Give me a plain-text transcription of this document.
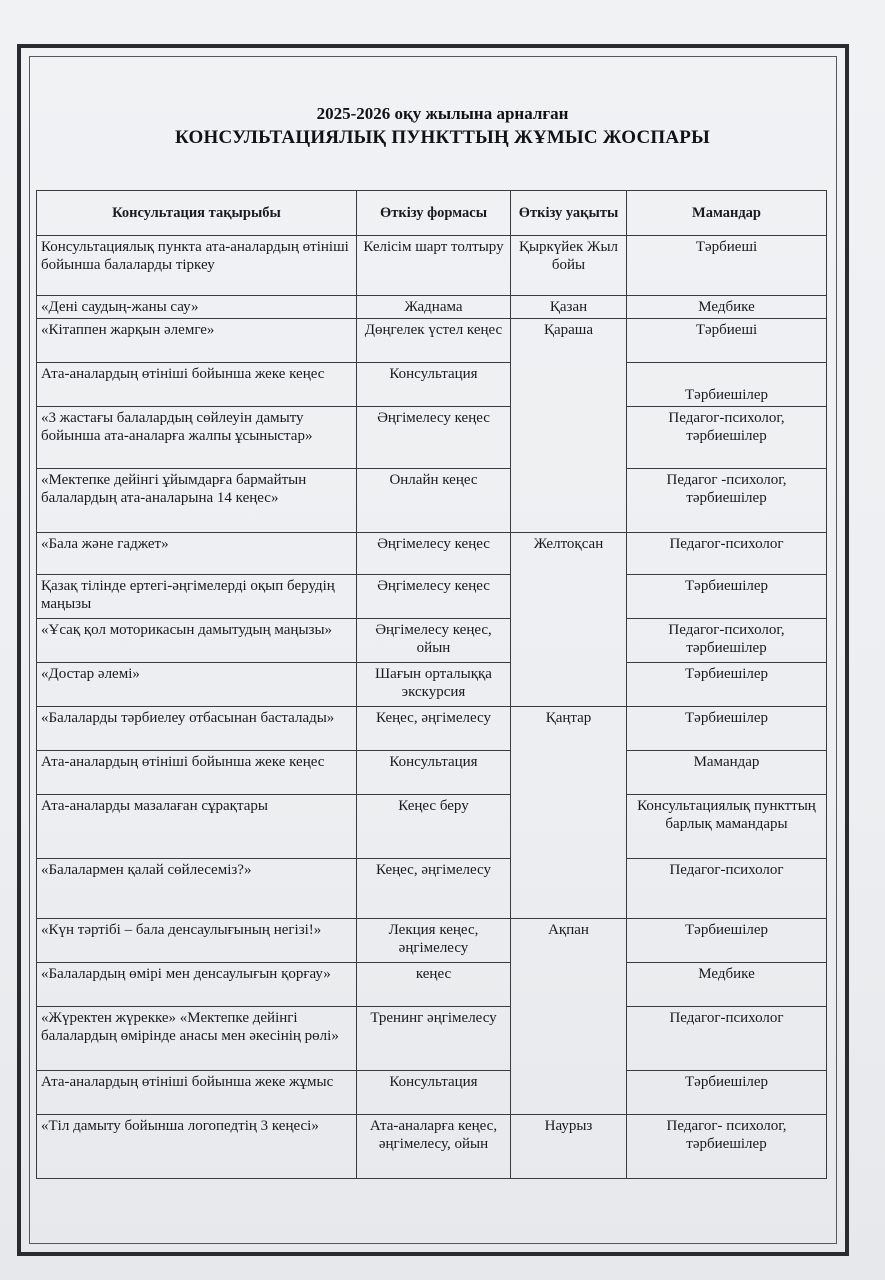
2025-2026 оқу жылына арналған
КОНСУЛЬТАЦИЯЛЫҚ ПУНКТТЫҢ ЖҰМЫС ЖОСПАРЫ
Консультация тақырыбы	Өткізу формасы	Өткізу уақыты	Мамандар
Консультациялық пункта ата-аналардың өтініші бойынша балаларды тіркеу	Келісім шарт толтыру	Қыркүйек Жыл бойы	Тәрбиеші
«Дені саудың-жаны сау»	Жаднама	Қазан	Медбике
«Кітаппен жарқын әлемге»	Дөңгелек үстел кеңес	Қараша	Тәрбиеші
Ата-аналардың өтініші бойынша жеке кеңес	Консультация		Тәрбиешілер
«3 жастағы балалардың сөйлеуін дамыту бойынша ата-аналарға жалпы ұсыныстар»	Әңгімелесу кеңес		Педагог-психолог, тәрбиешілер
«Мектепке дейінгі ұйымдарға бармайтын балалардың ата-аналарына 14 кеңес»	Онлайн кеңес		Педагог -психолог, тәрбиешілер
«Бала және гаджет»	Әңгімелесу кеңес	Желтоқсан	Педагог-психолог
Қазақ тілінде ертегі-әңгімелерді оқып берудің маңызы	Әңгімелесу кеңес		Тәрбиешілер
«Ұсақ қол моторикасын дамытудың маңызы»	Әңгімелесу кеңес, ойын		Педагог-психолог, тәрбиешілер
«Достар әлемі»	Шағын орталыққа экскурсия		Тәрбиешілер
«Балаларды тәрбиелеу отбасынан басталады»	Кеңес, әңгімелесу	Қаңтар	Тәрбиешілер
Ата-аналардың өтініші бойынша жеке кеңес	Консультация		Мамандар
Ата-аналарды мазалаған сұрақтары	Кеңес беру		Консультациялық пункттың барлық мамандары
«Балалармен қалай сөйлесеміз?»	Кеңес, әңгімелесу		Педагог-психолог
«Күн тәртібі – бала денсаулығының негізі!»	Лекция кеңес, әңгімелесу	Ақпан	Тәрбиешілер
«Балалардың өмірі мен денсаулығын қорғау»	кеңес		Медбике
«Жүректен жүрекке» «Мектепке дейінгі балалардың өмірінде анасы мен әкесінің рөлі»	Тренинг әңгімелесу		Педагог-психолог
Ата-аналардың өтініші бойынша жеке жұмыс	Консультация		Тәрбиешілер
«Тіл дамыту бойынша логопедтің 3 кеңесі»	Ата-аналарға кеңес, әңгімелесу, ойын	Наурыз	Педагог- психолог, тәрбиешілер
